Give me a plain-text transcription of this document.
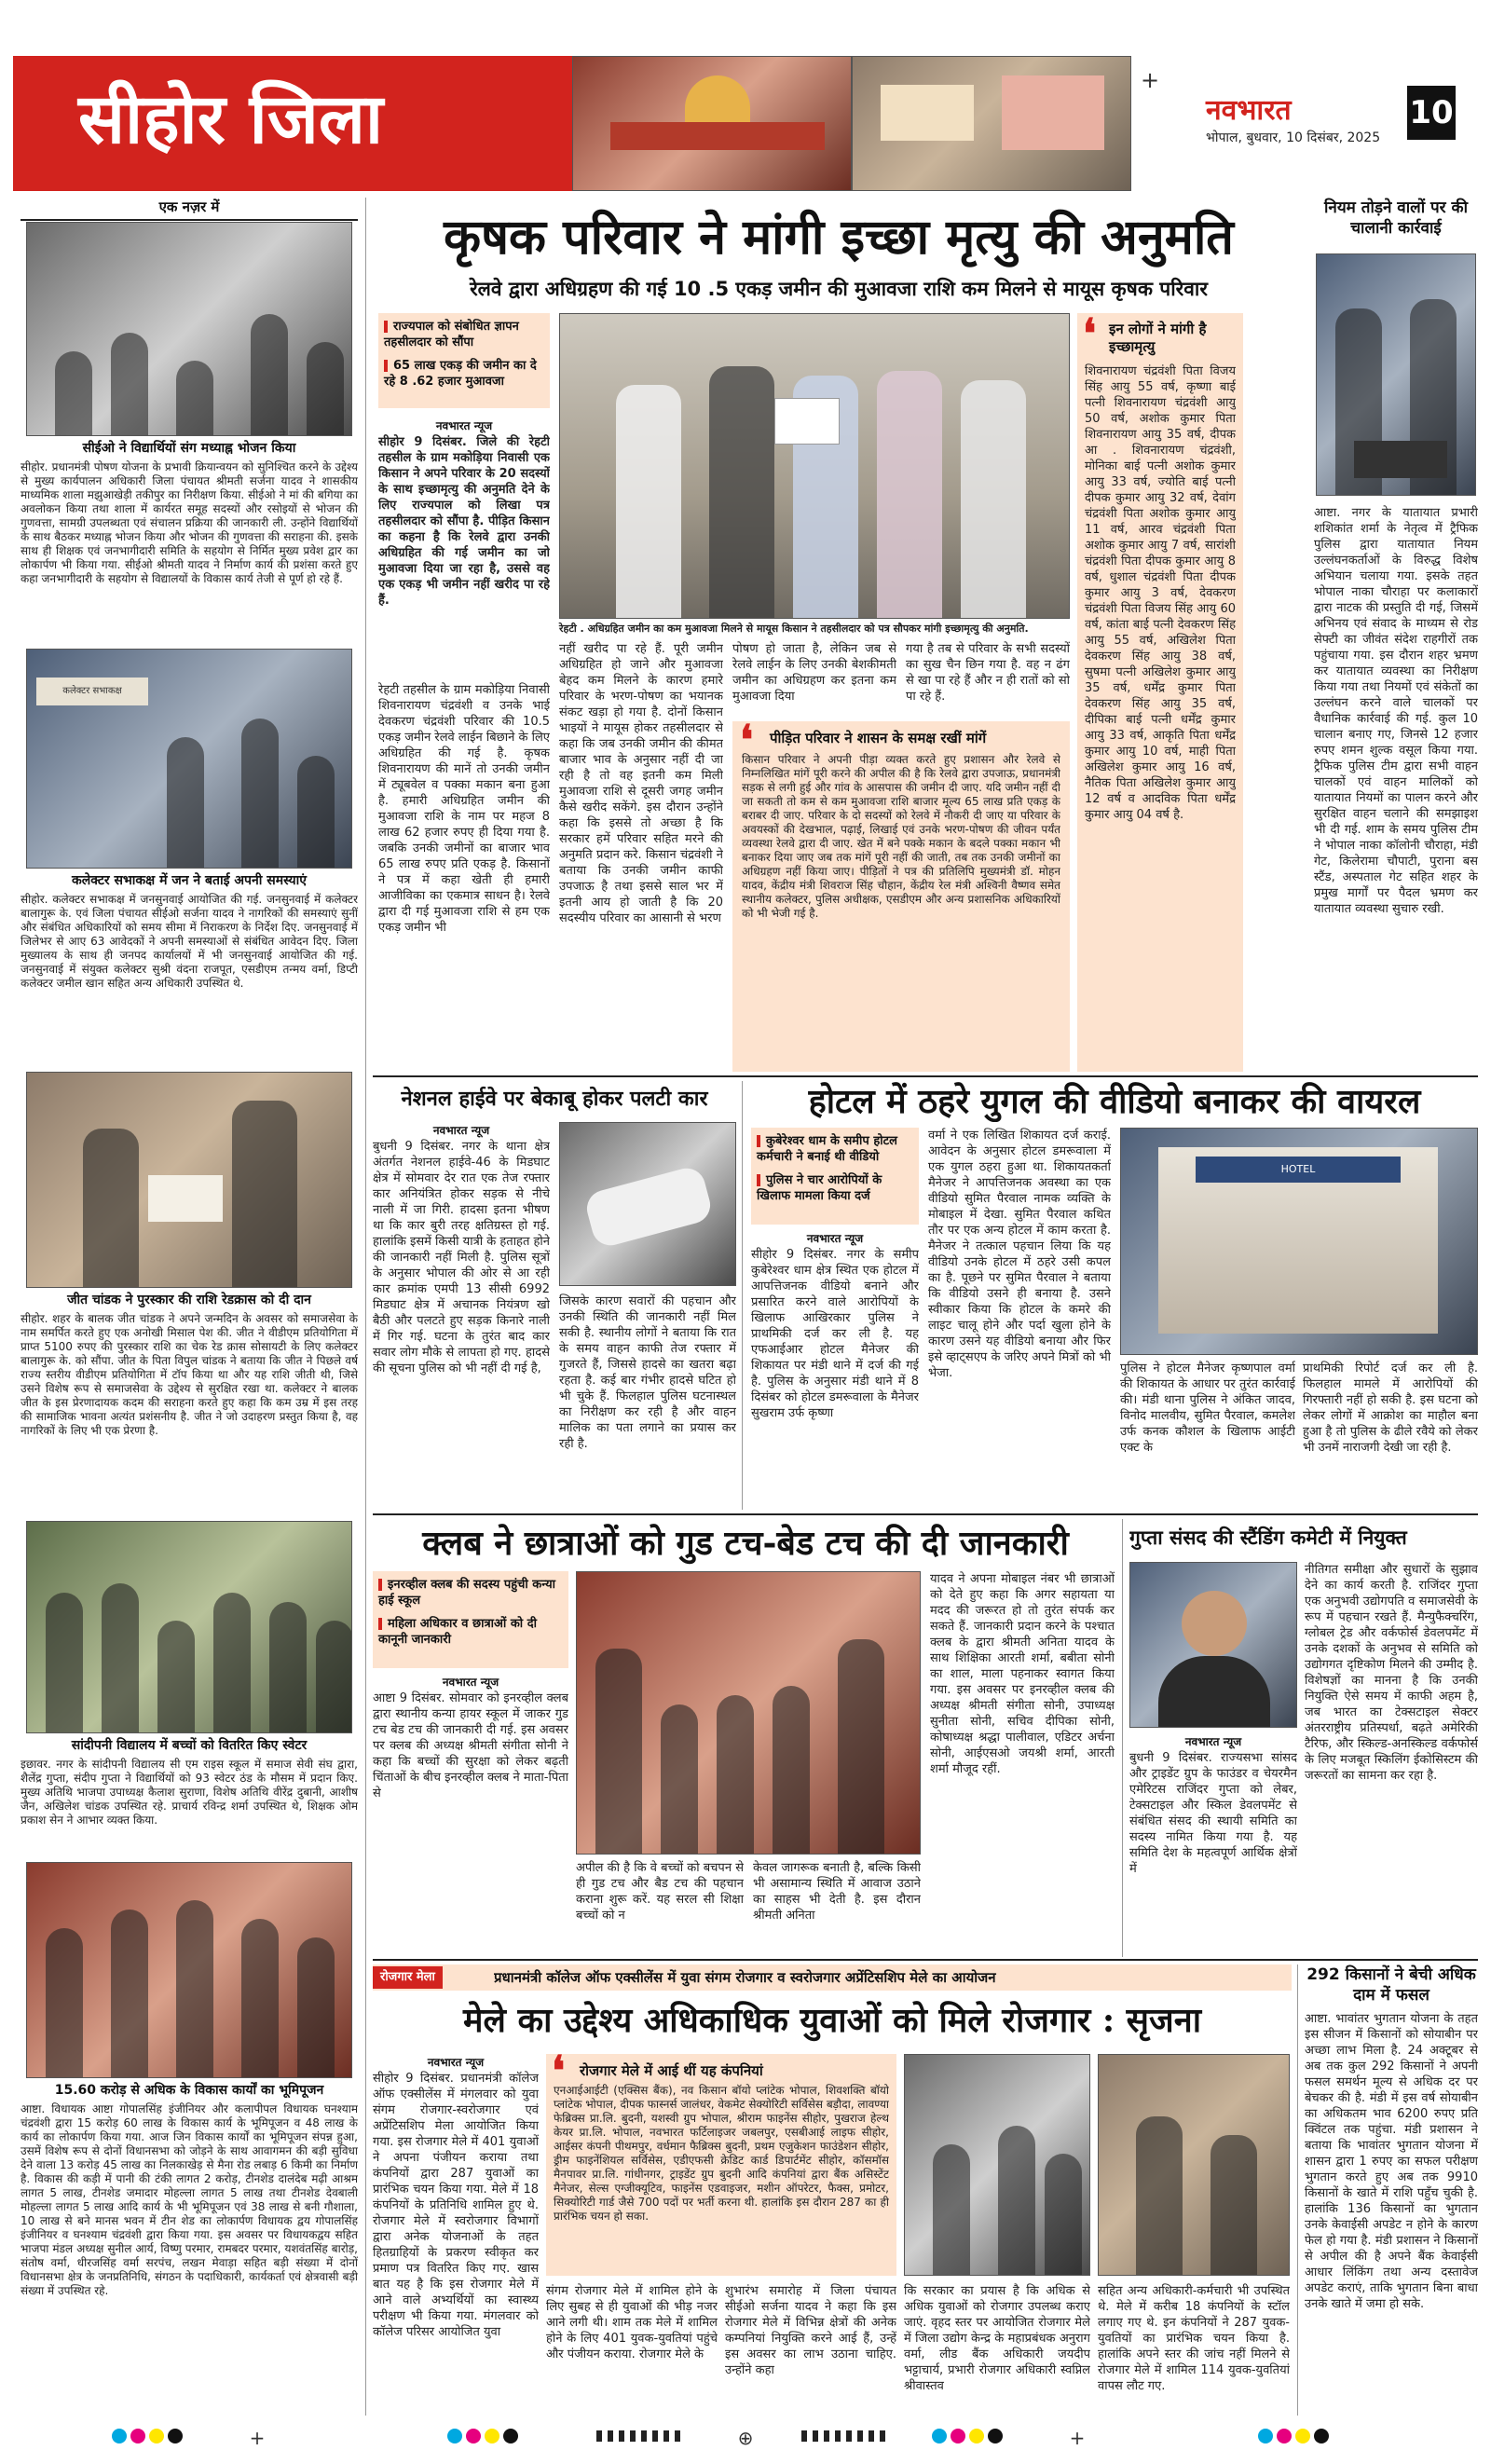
सीहोर जिला	+
नवभारत
भोपाल, बुधवार, 10 दिसंबर, 2025
10
एक नज़र में
सीईओ ने विद्यार्थियों संग मध्याह्न भोजन किया
सीहोर. प्रधानमंत्री पोषण योजना के प्रभावी क्रियान्वयन को सुनिश्चित करने के उद्देश्य से मुख्य कार्यपालन अधिकारी जिला पंचायत श्रीमती सर्जना यादव ने शासकीय माध्यमिक शाला मझुआखेड़ी तकीपुर का निरीक्षण किया. सीईओ ने मां की बगिया का अवलोकन किया तथा शाला में कार्यरत समूह सदस्यों और रसोइयों से भोजन की गुणवत्ता, सामग्री उपलब्धता एवं संचालन प्रक्रिया की जानकारी ली. उन्होंने विद्यार्थियों के साथ बैठकर मध्याह्न भोजन किया और भोजन की गुणवत्ता की सराहना की. इसके साथ ही शिक्षक एवं जनभागीदारी समिति के सहयोग से निर्मित मुख्य प्रवेश द्वार का लोकार्पण भी किया गया. सीईओ श्रीमती यादव ने निर्माण कार्य की प्रशंसा करते हुए कहा जनभागीदारी के सहयोग से विद्यालयों के विकास कार्य तेजी से पूर्ण हो रहे हैं.
कलेक्टर सभाकक्ष
कलेक्टर सभाकक्ष में जन ने बताई अपनी समस्याएं
सीहोर. कलेक्टर सभाकक्ष में जनसुनवाई आयोजित की गई. जनसुनवाई में कलेक्टर बालागुरू के. एवं जिला पंचायत सीईओ सर्जना यादव ने नागरिकों की समस्याएं सुनीं और संबंधित अधिकारियों को समय सीमा में निराकरण के निर्देश दिए. जनसुनवाई में जिलेभर से आए 63 आवेदकों ने अपनी समस्याओं से संबंधित आवेदन दिए. जिला मुख्यालय के साथ ही जनपद कार्यालयों में भी जनसुनवाई आयोजित की गई. जनसुनवाई में संयुक्त कलेक्टर सुश्री वंदना राजपूत, एसडीएम तन्मय वर्मा, डिप्टी कलेक्टर जमील खान सहित अन्य अधिकारी उपस्थित थे.
जीत चांडक ने पुरस्कार की राशि रेडक्रास को दी दान
सीहोर. शहर के बालक जीत चांडक ने अपने जन्मदिन के अवसर को समाजसेवा के नाम समर्पित करते हुए एक अनोखी मिसाल पेश की. जीत ने वीडीएम प्रतियोगिता में प्राप्त 5100 रुपए की पुरस्कार राशि का चेक रेड क्रास सोसायटी के लिए कलेक्टर बालागुरू के. को सौंपा. जीत के पिता विपुल चांडक ने बताया कि जीत ने पिछले वर्ष राज्य स्तरीय वीडीएम प्रतियोगिता में टॉप किया था और यह राशि जीती थी, जिसे उसने विशेष रूप से समाजसेवा के उद्देश्य से सुरक्षित रखा था. कलेक्टर ने बालक जीत के इस प्रेरणादायक कदम की सराहना करते हुए कहा कि कम उम्र में इस तरह की सामाजिक भावना अत्यंत प्रशंसनीय है. जीत ने जो उदाहरण प्रस्तुत किया है, वह नागरिकों के लिए भी एक प्रेरणा है.
सांदीपनी विद्यालय में बच्चों को वितरित किए स्वेटर
इछावर. नगर के सांदीपनी विद्यालय सी एम राइस स्कूल में समाज सेवी संघ द्वारा, शैलेंद्र गुप्ता, संदीप गुप्ता ने विद्यार्थियों को 93 स्वेटर ठंड के मौसम में प्रदान किए. मुख्य अतिथि भाजपा उपाध्यक्ष कैलाश सुराणा, विशेष अतिथि वीरेंद्र दुबानी, आशीष जैन, अखिलेश चांडक उपस्थित रहे. प्राचार्य रविन्द्र शर्मा उपस्थित थे, शिक्षक ओम प्रकाश सेन ने आभार व्यक्त किया.
15.60 करोड़ से अधिक के विकास कार्यों का भूमिपूजन
आष्टा. विधायक आष्टा गोपालसिंह इंजीनियर और कलापीपल विधायक घनश्याम चंद्रवंशी द्वारा 15 करोड़ 60 लाख के विकास कार्य के भूमिपूजन व 48 लाख के कार्य का लोकार्पण किया गया. आज जिन विकास कार्यों का भूमिपूजन संपन्न हुआ, उसमें विशेष रूप से दोनों विधानसभा को जोड़ने के साथ आवागमन की बड़ी सुविधा देने वाला 13 करोड़ 45 लाख का निलकाखेड़ से मैना रोड लबाड़ 6 किमी का निर्माण है. विकास की कड़ी में पानी की टंकी लागत 2 करोड़, टीनशेड दालंदेब मढ़ी आश्रम लागत 5 लाख, टीनशेड जमादार मोहल्ला लागत 5 लाख तथा टीनशेड देवबाली मोहल्ला लागत 5 लाख आदि कार्य के भी भूमिपूजन एवं 38 लाख से बनी गौशाला, 10 लाख से बने मानस भवन में टीन शेड का लोकार्पण विधायक द्वय गोपालसिंह इंजीनियर व घनश्याम चंद्रवंशी द्वारा किया गया. इस अवसर पर विधायकद्वय सहित भाजपा मंडल अध्यक्ष सुनील आर्य, विष्णु परमार, रामबदर परमार, यशवंतसिंह बारोड़, संतोष वर्मा, धीरजसिंह वर्मा सरपंच, लखन मेवाड़ा सहित बड़ी संख्या में दोनों विधानसभा क्षेत्र के जनप्रतिनिधि, संगठन के पदाधिकारी, कार्यकर्ता एवं क्षेत्रवासी बड़ी संख्या में उपस्थित रहे.
कृषक परिवार ने मांगी इच्छा मृत्यु की अनुमति
रेलवे द्वारा अधिग्रहण की गई 10 .5 एकड़ जमीन की मुआवजा राशि कम मिलने से मायूस कृषक परिवार
राज्यपाल को संबोधित ज्ञापन तहसीलदार को सौंपा
65 लाख एकड़ की जमीन का दे रहे 8 .62 हजार मुआवजा
नवभारत न्यूज
सीहोर 9 दिसंबर. जिले की रेहटी तहसील के ग्राम मकोड़िया निवासी एक किसान ने अपने परिवार के 20 सदस्यों के साथ इच्छामृत्यु की अनुमति देने के लिए राज्यपाल को लिखा पत्र तहसीलदार को सौंपा है. पीड़ित किसान का कहना है कि रेलवे द्वारा उनकी अधिग्रहित की गई जमीन का जो मुआवजा दिया जा रहा है, उससे वह एक एकड़ भी जमीन नहीं खरीद पा रहे हैं.
रेहटी तहसील के ग्राम मकोड़िया निवासी शिवनारायण चंद्रवंशी व उनके भाई देवकरण चंद्रवंशी परिवार की 10.5 एकड़ जमीन रेलवे लाईन बिछाने के लिए अधिग्रहित की गई है. कृषक शिवनारायण की मानें तो उनकी जमीन में ट्यूबवेल व पक्का मकान बना हुआ है. हमारी अधिग्रहित जमीन की मुआवजा राशि के नाम पर महज 8 लाख 62 हजार रुपए ही दिया गया है. जबकि उनकी जमीनों का बाजार भाव 65 लाख रुपए प्रति एकड़ है. किसानों ने पत्र में कहा खेती ही हमारी आजीविका का एकमात्र साधन है। रेलवे द्वारा दी गई मुआवजा राशि से हम एक एकड़ जमीन भी
रेहटी . अधिग्रहित जमीन का कम मुआवजा मिलने से मायूस किसान ने तहसीलदार को पत्र सौपकर मांगी इच्छामृत्यु की अनुमति.
नहीं खरीद पा रहे हैं. पूरी जमीन अधिग्रहित हो जाने और मुआवजा बेहद कम मिलने के कारण हमारे परिवार के भरण-पोषण का भयानक संकट खड़ा हो गया है. दोनों किसान भाइयों ने मायूस होकर तहसीलदार से कहा कि जब उनकी जमीन की कीमत बाजार भाव के अनुसार नहीं दी जा रही है तो वह इतनी कम मिली मुआवजा राशि से दूसरी जगह जमीन कैसे खरीद सकेंगे. इस दौरान उन्होंने कहा कि इससे तो अच्छा है कि सरकार हमें परिवार सहित मरने की अनुमति प्रदान करे. किसान चंद्रवंशी ने बताया कि उनकी जमीन काफी उपजाऊ है तथा इससे साल भर में इतनी आय हो जाती है कि 20 सदस्यीय परिवार का आसानी से भरण
पोषण हो जाता है, लेकिन जब से रेलवे लाईन के लिए उनकी बेशकीमती जमीन का अधिग्रहण कर इतना कम मुआवजा दिया
गया है तब से परिवार के सभी सदस्यों का सुख चैन छिन गया है. वह न ढंग से खा पा रहे हैं और न ही रातों को सो पा रहे हैं.
❛ पीड़ित परिवार ने शासन के समक्ष रखीं मांगें
किसान परिवार ने अपनी पीड़ा व्यक्त करते हुए प्रशासन और रेलवे से निम्नलिखित मांगें पूरी करने की अपील की है कि रेलवे द्वारा उपजाऊ, प्रधानमंत्री सड़क से लगी हुई और गांव के आसपास की जमीन दी जाए. यदि जमीन नहीं दी जा सकती तो कम से कम मुआवजा राशि बाजार मूल्य 65 लाख प्रति एकड़ के बराबर दी जाए. परिवार के दो सदस्यों को रेलवे में नौकरी दी जाए या परिवार के अवयस्कों की देखभाल, पढ़ाई, लिखाई एवं उनके भरण-पोषण की जीवन पर्यंत व्यवस्था रेलवे द्वारा दी जाए. खेत में बने पक्के मकान के बदले पक्का मकान भी बनाकर दिया जाए जब तक मांगें पूरी नहीं की जाती, तब तक उनकी जमीनों का अधिग्रहण नहीं किया जाए। पीड़ितों ने पत्र की प्रतिलिपि मुख्यमंत्री डॉ. मोहन यादव, केंद्रीय मंत्री शिवराज सिंह चौहान, केंद्रीय रेल मंत्री अश्विनी वैष्णव समेत स्थानीय कलेक्टर, पुलिस अधीक्षक, एसडीएम और अन्य प्रशासनिक अधिकारियों को भी भेजी गई है.
❛ इन लोगों ने मांगी है इच्छामृत्यु
शिवनारायण चंद्रवंशी पिता विजय सिंह आयु 55 वर्ष, कृष्णा बाई पत्नी शिवनारायण चंद्रवंशी आयु 50 वर्ष, अशोक कुमार पिता शिवनारायण आयु 35 वर्ष, दीपक आ . शिवनारायण चंद्रवंशी, मोनिका बाई पत्नी अशोक कुमार आयु 33 वर्ष, ज्योति बाई पत्नी दीपक कुमार आयु 32 वर्ष, देवांग चंद्रवंशी पिता अशोक कुमार आयु 11 वर्ष, आरव चंद्रवंशी पिता अशोक कुमार आयु 7 वर्ष, सारांशी चंद्रवंशी पिता दीपक कुमार आयु 8 वर्ष, धुशाल चंद्रवंशी पिता दीपक कुमार आयु 3 वर्ष, देवकरण चंद्रवंशी पिता विजय सिंह आयु 60 वर्ष, कांता बाई पत्नी देवकरण सिंह आयु 55 वर्ष, अखिलेश पिता देवकरण सिंह आयु 38 वर्ष, सुषमा पत्नी अखिलेश कुमार आयु 35 वर्ष, धर्मेंद्र कुमार पिता देवकरण सिंह आयु 35 वर्ष, दीपिका बाई पत्नी धर्मेंद्र कुमार आयु 33 वर्ष, आकृति पिता धर्मेंद्र कुमार आयु 10 वर्ष, माही पिता अखिलेश कुमार आयु 16 वर्ष, नैतिक पिता अखिलेश कुमार आयु 12 वर्ष व आदविक पिता धर्मेंद्र कुमार आयु 04 वर्ष है.
नियम तोड़ने वालों पर की चालानी कार्रवाई
आष्टा. नगर के यातायात प्रभारी शशिकांत शर्मा के नेतृत्व में ट्रैफिक पुलिस द्वारा यातायात नियम उल्लंघनकर्ताओं के विरुद्ध विशेष अभियान चलाया गया. इसके तहत भोपाल नाका चौराहा पर कलाकारों द्वारा नाटक की प्रस्तुति दी गई, जिसमें अभिनय एवं संवाद के माध्यम से रोड सेफ्टी का जीवंत संदेश राहगीरों तक पहुंचाया गया. इस दौरान शहर भ्रमण कर यातायात व्यवस्था का निरीक्षण किया गया तथा नियमों एवं संकेतों का उल्लंघन करने वाले चालकों पर वैधानिक कार्रवाई की गई. कुल 10 चालान बनाए गए, जिनसे 12 हजार रुपए शमन शुल्क वसूल किया गया. ट्रैफिक पुलिस टीम द्वारा सभी वाहन चालकों एवं वाहन मालिकों को यातायात नियमों का पालन करने और सुरक्षित वाहन चलाने की समझाइश भी दी गई. शाम के समय पुलिस टीम ने भोपाल नाका कॉलोनी चौराहा, मंडी गेट, किलेरामा चौपाटी, पुराना बस स्टैंड, अस्पताल गेट सहित शहर के प्रमुख मार्गों पर पैदल भ्रमण कर यातायात व्यवस्था सुचारु रखी.
नेशनल हाईवे पर बेकाबू होकर पलटी कार
नवभारत न्यूज
बुधनी 9 दिसंबर. नगर के थाना क्षेत्र अंतर्गत नेशनल हाईवे-46 के मिडघाट क्षेत्र में सोमवार देर रात एक तेज रफ्तार कार अनियंत्रित होकर सड़क से नीचे नाली में जा गिरी. हादसा इतना भीषण था कि कार बुरी तरह क्षतिग्रस्त हो गई. हालांकि इसमें किसी यात्री के हताहत होने की जानकारी नहीं मिली है. पुलिस सूत्रों के अनुसार भोपाल की ओर से आ रही कार क्रमांक एमपी 13 सीसी 6992 मिडघाट क्षेत्र में अचानक नियंत्रण खो बैठी और पलटते हुए सड़क किनारे नाली में गिर गई. घटना के तुरंत बाद कार सवार लोग मौके से लापता हो गए. हादसे की सूचना पुलिस को भी नहीं दी गई है,
जिसके कारण सवारों की पहचान और उनकी स्थिति की जानकारी नहीं मिल सकी है. स्थानीय लोगों ने बताया कि रात के समय वाहन काफी तेज रफ्तार में गुजरते हैं, जिससे हादसे का खतरा बढ़ा रहता है. कई बार गंभीर हादसे घटित हो भी चुके हैं. फिलहाल पुलिस घटनास्थल का निरीक्षण कर रही है और वाहन मालिक का पता लगाने का प्रयास कर रही है.
होटल में ठहरे युगल की वीडियो बनाकर की वायरल
कुबेरेश्वर धाम के समीप होटल कर्मचारी ने बनाई थी वीडियो
पुलिस ने चार आरोपियों के खिलाफ मामला किया दर्ज
नवभारत न्यूज
सीहोर 9 दिसंबर. नगर के समीप कुबेरेश्वर धाम क्षेत्र स्थित एक होटल में आपत्तिजनक वीडियो बनाने और प्रसारित करने वाले आरोपियों के खिलाफ आखिरकार पुलिस ने प्राथमिकी दर्ज कर ली है. यह एफआईआर होटल मैनेजर की शिकायत पर मंडी थाने में दर्ज की गई है. पुलिस के अनुसार मंडी थाने में 8 दिसंबर को होटल डमरूवाला के मैनेजर सुखराम उर्फ कृष्णा
वर्मा ने एक लिखित शिकायत दर्ज कराई. आवेदन के अनुसार होटल डमरूवाला में एक युगल ठहरा हुआ था. शिकायतकर्ता मैनेजर ने आपत्तिजनक अवस्था का एक वीडियो सुमित पैरवाल नामक व्यक्ति के मोबाइल में देखा. सुमित पैरवाल कथित तौर पर एक अन्य होटल में काम करता है. मैनेजर ने तत्काल पहचान लिया कि यह वीडियो उनके होटल में ठहरे उसी कपल का है. पूछने पर सुमित पैरवाल ने बताया कि वीडियो उसने ही बनाया है. उसने स्वीकार किया कि होटल के कमरे की लाइट चालू होने और पर्दा खुला होने के कारण उसने यह वीडियो बनाया और फिर इसे व्हाट्सएप के जरिए अपने मित्रों को भी भेजा.
HOTEL
पुलिस ने होटल मैनेजर कृष्णपाल वर्मा की शिकायत के आधार पर तुरंत कार्रवाई की। मंडी थाना पुलिस ने अंकित जादव, विनोद मालवीय, सुमित पैरवाल, कमलेश उर्फ कनक कौशल के खिलाफ आईटी एक्ट के
प्राथमिकी रिपोर्ट दर्ज कर ली है. फिलहाल मामले में आरोपियों की गिरफ्तारी नहीं हो सकी है. इस घटना को लेकर लोगों में आक्रोश का माहौल बना हुआ है तो पुलिस के ढीले रवैये को लेकर भी उनमें नाराजगी देखी जा रही है.
क्लब ने छात्राओं को गुड टच-बेड टच की दी जानकारी
इनरव्हील क्लब की सदस्य पहुंची कन्या हाई स्कूल
महिला अधिकार व छात्राओं को दी कानूनी जानकारी
नवभारत न्यूज
आष्टा 9 दिसंबर. सोमवार को इनरव्हील क्लब द्वारा स्थानीय कन्या हायर स्कूल में जाकर गुड टच बेड टच की जानकारी दी गई. इस अवसर पर क्लब की अध्यक्ष श्रीमती संगीता सोनी ने कहा कि बच्चों की सुरक्षा को लेकर बढ़ती चिंताओं के बीच इनरव्हील क्लब ने माता-पिता से
अपील की है कि वे बच्चों को बचपन से ही गुड टच और बैड टच की पहचान कराना शुरू करें. यह सरल सी शिक्षा बच्चों को न
केवल जागरूक बनाती है, बल्कि किसी भी असामान्य स्थिति में आवाज उठाने का साहस भी देती है. इस दौरान श्रीमती अनिता
यादव ने अपना मोबाइल नंबर भी छात्राओं को देते हुए कहा कि अगर सहायता या मदद की जरूरत हो तो तुरंत संपर्क कर सकते हैं. जानकारी प्रदान करने के पश्चात क्लब के द्वारा श्रीमती अनिता यादव के साथ शिक्षिका आरती शर्मा, बबीता सोनी का शाल, माला पहनाकर स्वागत किया गया. इस अवसर पर इनरव्हील क्लब की अध्यक्ष श्रीमती संगीता सोनी, उपाध्यक्ष सुनीता सोनी, सचिव दीपिका सोनी, कोषाध्यक्ष श्रद्धा पालीवाल, एडिटर अर्चना सोनी, आईएसओ जयश्री शर्मा, आरती शर्मा मौजूद रहीं.
गुप्ता संसद की स्टैंडिंग कमेटी में नियुक्त
नवभारत न्यूज
बुधनी 9 दिसंबर. राज्यसभा सांसद और ट्राइडेंट ग्रुप के फाउंडर व चेयरमैन एमेरिटस राजिंदर गुप्ता को लेबर, टेक्सटाइल और स्किल डेवलपमेंट से संबंधित संसद की स्थायी समिति का सदस्य नामित किया गया है. यह समिति देश के महत्वपूर्ण आर्थिक क्षेत्रों में
नीतिगत समीक्षा और सुधारों के सुझाव देने का कार्य करती है. राजिंदर गुप्ता एक अनुभवी उद्योगपति व समाजसेवी के रूप में पहचान रखते हैं. मैन्युफैक्चरिंग, ग्लोबल ट्रेड और वर्कफोर्स डेवलपमेंट में उनके दशकों के अनुभव से समिति को उद्योगगत दृष्टिकोण मिलने की उम्मीद है. विशेषज्ञों का मानना है कि उनकी नियुक्ति ऐसे समय में काफी अहम है, जब भारत का टेक्सटाइल सेक्टर अंतरराष्ट्रीय प्रतिस्पर्धा, बढ़ते अमेरिकी टैरिफ, और स्किल्ड-अनस्किल्ड वर्कफोर्स के लिए मजबूत स्किलिंग ईकोसिस्टम की जरूरतों का सामना कर रहा है.
रोजगार मेला	प्रधानमंत्री कॉलेज ऑफ एक्सीलेंस में युवा संगम रोजगार व स्वरोजगार अप्रेंटिसशिप मेले का आयोजन
मेले का उद्देश्य अधिकाधिक युवाओं को मिले रोजगार : सृजना
नवभारत न्यूज
सीहोर 9 दिसंबर. प्रधानमंत्री कॉलेज ऑफ एक्सीलेंस में मंगलवार को युवा संगम रोजगार-स्वरोजगार एवं अप्रेंटिसशिप मेला आयोजित किया गया. इस रोजगार मेले में 401 युवाओं ने अपना पंजीयन कराया तथा कंपनियों द्वारा 287 युवाओं का प्रारंभिक चयन किया गया. मेले में 18 कंपनियों के प्रतिनिधि शामिल हुए थे. रोजगार मेले में स्वरोजगार विभागों द्वारा अनेक योजनाओं के तहत हितग्राहियों के प्रकरण स्वीकृत कर प्रमाण पत्र वितरित किए गए. खास बात यह है कि इस रोजगार मेले में आने वाले अभ्यर्थियों का स्वास्थ्य परीक्षण भी किया गया. मंगलवार को कॉलेज परिसर आयोजित युवा
❛ रोजगार मेले में आई थीं यह कंपनियां
एनआईआईटी (एक्सिस बैंक), नव किसान बॉयो प्लांटेक भोपाल, शिवशक्ति बॉयो प्लांटेक भोपाल, दीपक फास्नर्स जालंधर, वेकमेट सेक्योरिटी सर्विसेस बड़ौदा, लावण्या फेब्रिक्स प्रा.लि. बुदनी, यशस्वी ग्रुप भोपाल, श्रीराम फाइनेंस सीहोर, पुखराज हेल्थ केयर प्रा.लि. भोपाल, नवभारत फर्टिलाइजर जबलपुर, एसबीआई लाइफ सीहोर, आईसर कंपनी पीथमपुर, वर्धमान फैब्रिक्स बुदनी, प्रथम एजुकेशन फाउंडेशन सीहोर, ड्रीम फाइनेंशियल सर्विसेस, एडीएफसी क्रेडिट कार्ड डिपार्टमेंट सीहोर, कॉसमॉस मैनपावर प्रा.लि. गांधीनगर, ट्राइडेंट ग्रुप बुदनी आदि कंपनियां द्वारा बैंक असिस्टेंट मैनेजर, सेल्स एग्जीक्यूटिव, फाइनेंस एडवाइजर, मशीन ऑपरेटर, फैक्स, प्रमोटर, सिक्योरिटी गार्ड जैसे 700 पदों पर भर्ती करना थी. हालांकि इस दौरान 287 का ही प्रारंभिक चयन हो सका.
संगम रोजगार मेले में शामिल होने के लिए सुबह से ही युवाओं की भीड़ नजर आने लगी थी। शाम तक मेले में शामिल होने के लिए 401 युवक-युवतियां पहुंचे और पंजीयन कराया. रोजगार मेले के
शुभारंभ समारोह में जिला पंचायत सीईओ सर्जना यादव ने कहा कि इस रोजगार मेले में विभिन्न क्षेत्रों की अनेक कम्पनियां नियुक्ति करने आई हैं, उन्हें इस अवसर का लाभ उठाना चाहिए. उन्होंने कहा
कि सरकार का प्रयास है कि अधिक से अधिक युवाओं को रोजगार उपलब्ध कराए जाएं. वृहद स्तर पर आयोजित रोजगार मेले में जिला उद्योग केन्द्र के महाप्रबंधक अनुराग वर्मा, लीड बैंक अधिकारी जयदीप भट्टाचार्य, प्रभारी रोजगार अधिकारी स्वप्निल श्रीवास्तव
सहित अन्य अधिकारी-कर्मचारी भी उपस्थित थे. मेले में करीब 18 कंपनियों के स्टॉल लगाए गए थे. इन कंपनियों ने 287 युवक-युवतियों का प्रारंभिक चयन किया है. हालांकि अपने स्तर की जांच नहीं मिलने से रोजगार मेले में शामिल 114 युवक-युवतियां वापस लौट गए.
292 किसानों ने बेची अधिक दाम में फसल
आष्टा. भावांतर भुगतान योजना के तहत इस सीजन में किसानों को सोयाबीन पर अच्छा लाभ मिला है. 24 अक्टूबर से अब तक कुल 292 किसानों ने अपनी फसल समर्थन मूल्य से अधिक दर पर बेचकर की है. मंडी में इस वर्ष सोयाबीन का अधिकतम भाव 6200 रुपए प्रति क्विंटल तक पहुंचा. मंडी प्रशासन ने बताया कि भावांतर भुगतान योजना में शासन द्वारा 1 रुपए का सफल परीक्षण भुगतान करते हुए अब तक 9910 किसानों के खाते में राशि पहुँच चुकी है. हालांकि 136 किसानों का भुगतान उनके केवाईसी अपडेट न होने के कारण फेल हो गया है. मंडी प्रशासन ने किसानों से अपील की है अपने बैंक केवाईसी आधार लिंकिंग तथा अन्य दस्तावेज अपडेट कराएं, ताकि भुगतान बिना बाधा उनके खाते में जमा हो सके.
+	⊕	+
